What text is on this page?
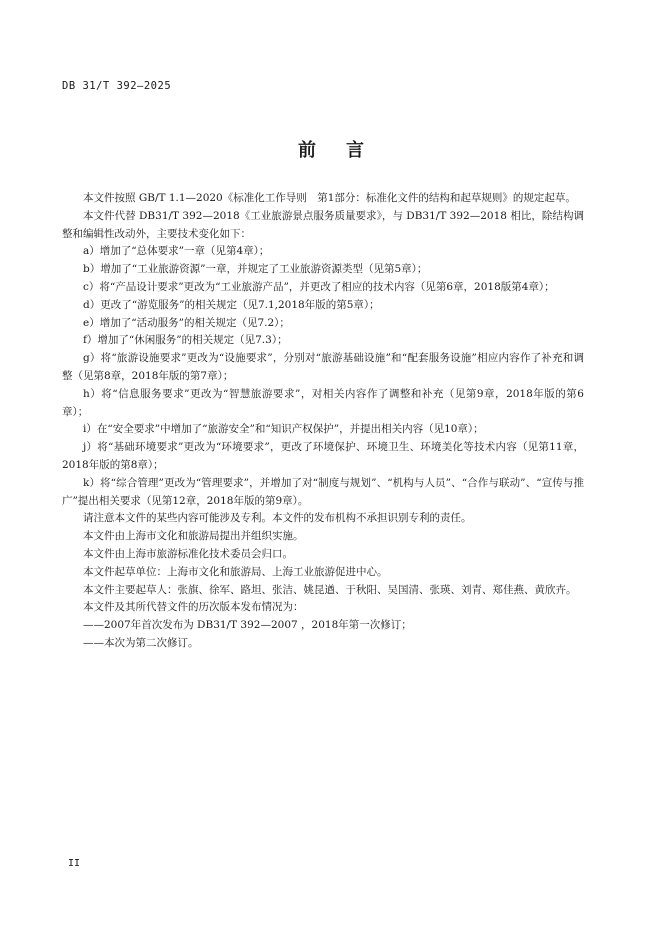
DB 31/T 392—2025
前言

本文件按照 GB/T 1.1—2020《标准化工作导则　第1部分：标准化文件的结构和起草规则》的规定起草。

本文件代替 DB31/T 392—2018《工业旅游景点服务质量要求》，与 DB31/T 392—2018 相比，除结构调整和编辑性改动外，主要技术变化如下：

a）增加了“总体要求”一章（见第4章）；

b）增加了“工业旅游资源”一章，并规定了工业旅游资源类型（见第5章）；

c）将“产品设计要求”更改为“工业旅游产品”，并更改了相应的技术内容（见第6章，2018版第4章）；

d）更改了“游览服务”的相关规定（见7.1,2018年版的第5章）；

e）增加了“活动服务”的相关规定（见7.2）；

f）增加了“休闲服务”的相关规定（见7.3）；

g）将“旅游设施要求”更改为“设施要求”，分别对“旅游基础设施”和“配套服务设施”相应内容作了补充和调整（见第8章，2018年版的第7章）；

h）将“信息服务要求”更改为“智慧旅游要求”，对相关内容作了调整和补充（见第9章，2018年版的第6章）；

i）在“安全要求”中增加了“旅游安全”和“知识产权保护”，并提出相关内容（见10章）；

j）将“基础环境要求”更改为“环境要求”，更改了环境保护、环境卫生、环境美化等技术内容（见第11章，2018年版的第8章）；

k）将“综合管理”更改为“管理要求”，并增加了对“制度与规划”、“机构与人员”、“合作与联动”、“宣传与推广”提出相关要求（见第12章，2018年版的第9章）。

请注意本文件的某些内容可能涉及专利。本文件的发布机构不承担识别专利的责任。

本文件由上海市文化和旅游局提出并组织实施。

本文件由上海市旅游标准化技术委员会归口。

本文件起草单位：上海市文化和旅游局、上海工业旅游促进中心。

本文件主要起草人：张旗、徐军、路坦、张洁、姚昆遒、于秋阳、吴国清、张瑛、刘青、郑佳燕、黄欣卉。

本文件及其所代替文件的历次版本发布情况为：

——2007年首次发布为 DB31/T 392—2007 ，2018年第一次修订；

——本次为第二次修订。

II
